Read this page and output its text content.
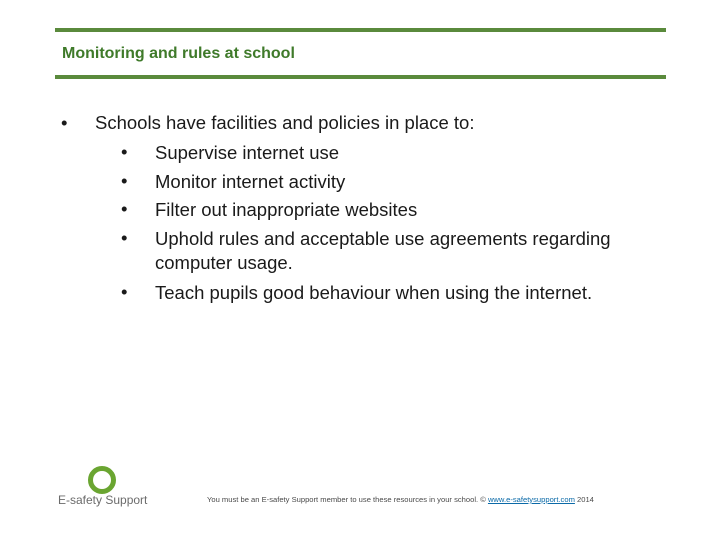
Monitoring and rules at school
• Schools have facilities and policies in place to:
• Supervise internet use
• Monitor internet activity
• Filter out inappropriate websites
• Uphold rules and acceptable use agreements regarding computer usage.
• Teach pupils good behaviour when using the internet.
E-safety Support	You must be an E-safety Support member to use these resources in your school. © www.e-safetysupport.com 2014
